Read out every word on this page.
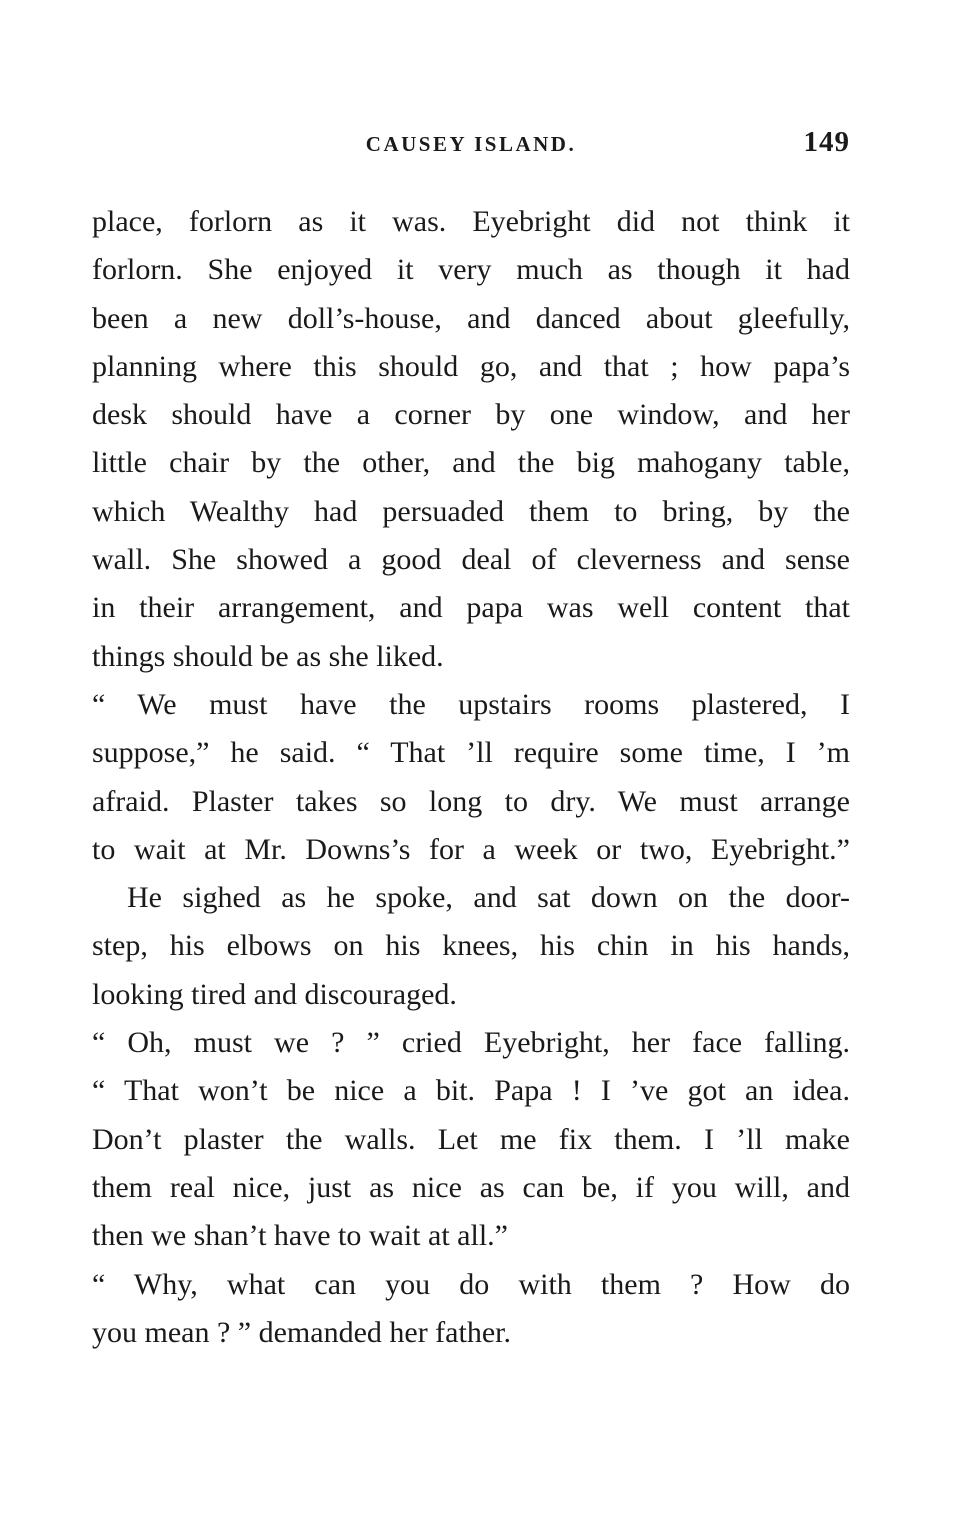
CAUSEY ISLAND.	149
place, forlorn as it was. Eyebright did not think it
forlorn. She enjoyed it very much as though it had
been a new doll’s-house, and danced about gleefully,
planning where this should go, and that ; how papa’s
desk should have a corner by one window, and her
little chair by the other, and the big mahogany table,
which Wealthy had persuaded them to bring, by the
wall. She showed a good deal of cleverness and sense
in their arrangement, and papa was well content that
things should be as she liked.
“ We must have the upstairs rooms plastered, I
suppose,” he said. “ That ’ll require some time, I ’m
afraid. Plaster takes so long to dry. We must arrange
to wait at Mr. Downs’s for a week or two, Eyebright.”
He sighed as he spoke, and sat down on the door-
step, his elbows on his knees, his chin in his hands,
looking tired and discouraged.
“ Oh, must we ? ” cried Eyebright, her face falling.
“ That won’t be nice a bit. Papa ! I ’ve got an idea.
Don’t plaster the walls. Let me fix them. I ’ll make
them real nice, just as nice as can be, if you will, and
then we shan’t have to wait at all.”
“ Why, what can you do with them ? How do
you mean ? ” demanded her father.
